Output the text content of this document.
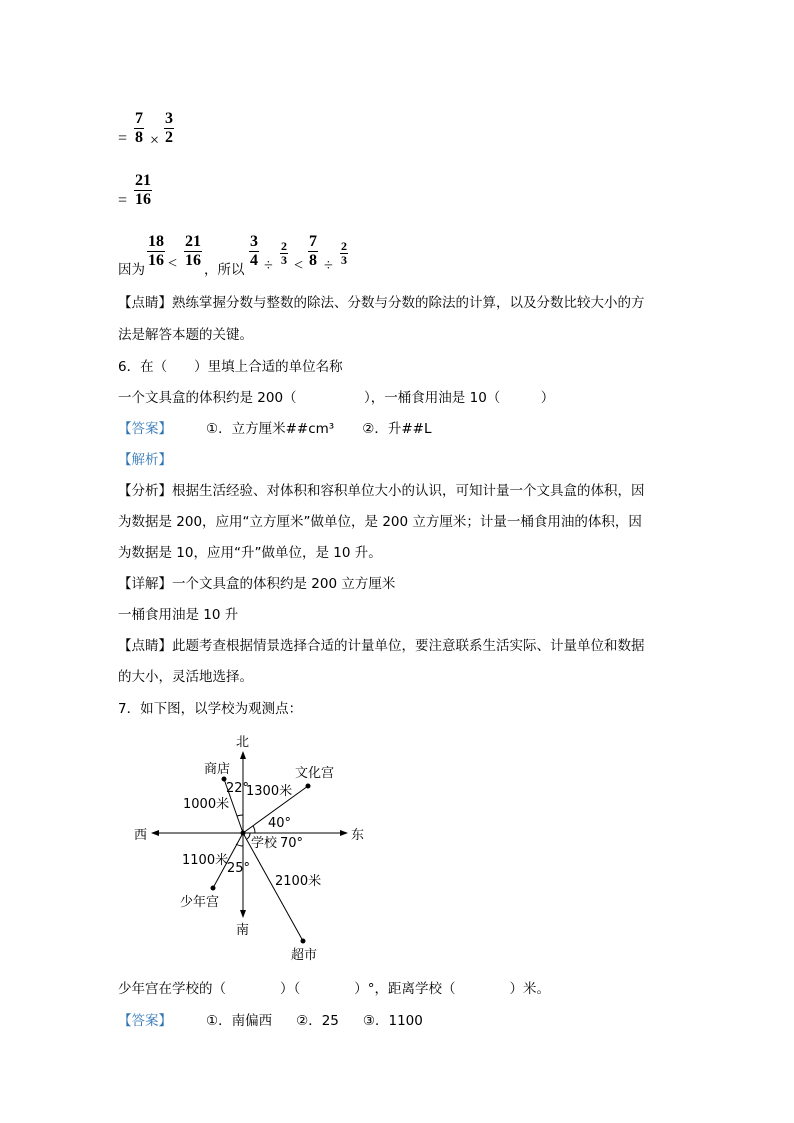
= $\frac{7}{8} \times \frac{3}{2}$
= $\frac{21}{16}$
因为 $\frac{18}{16} < \frac{21}{16}$ ，所以 $\frac{3}{4} \div \frac{2}{3} < \frac{7}{8} \div \frac{2}{3}$
【点睛】熟练掌握分数与整数的除法、分数与分数的除法的计算，以及分数比较大小的方
法是解答本题的关键。
6．在（　　）里填上合适的单位名称
一个文具盒的体积约是 200（　　　　　），一桶食用油是 10（　　　）
【答案】	①．立方厘米##cm³ ②．升##L
【解析】
【分析】根据生活经验、对体积和容积单位大小的认识，可知计量一个文具盒的体积，因
为数据是 200，应用“立方厘米”做单位，是 200 立方厘米；计量一桶食用油的体积，因
为数据是 10，应用“升”做单位，是 10 升。
【详解】一个文具盒的体积约是 200 立方厘米
一桶食用油是 10 升
【点睛】此题考查根据情景选择合适的计量单位，要注意联系生活实际、计量单位和数据
的大小，灵活地选择。
7．如下图，以学校为观测点：
北
南
东
西
学校
商店
1000米
22°
文化宫
1300米
40°
少年宫
1100米
25°
超市
2100米
70°
少年宫在学校的（　　　　）（　　　　）°，距离学校（　　　　）米。
【答案】	①．南偏西 ②．25 ③．1100
